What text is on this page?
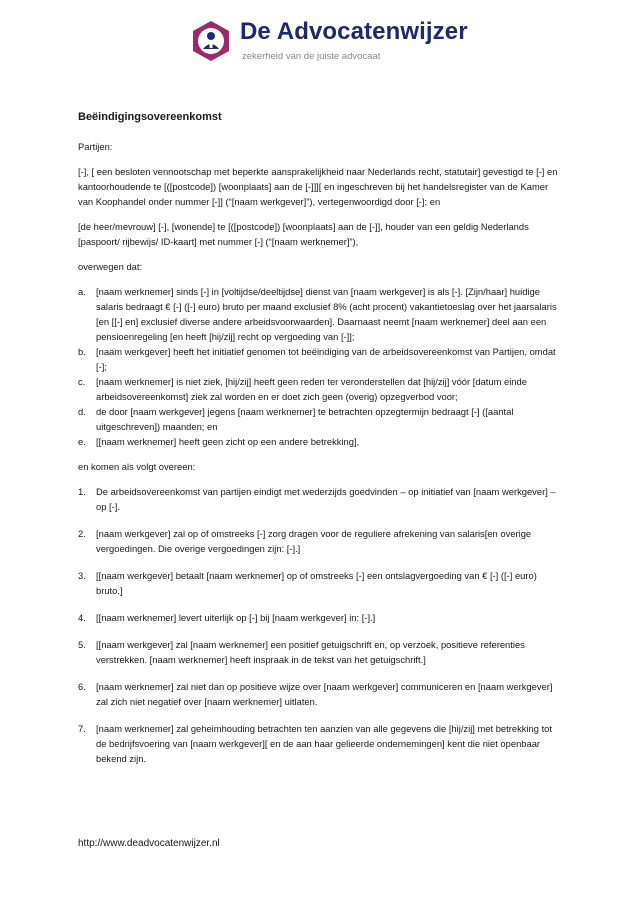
De Advocatenwijzer
zekerheid van de juiste advocaat
Beëindigingsovereenkomst
Partijen:
[-], [ een besloten vennootschap met beperkte aansprakelijkheid naar Nederlands recht, statutair] gevestigd te [-] en kantoorhoudende te [([postcode]) [woonplaats] aan de [-]]][ en ingeschreven bij het handelsregister van de Kamer van Koophandel onder nummer [-]] (“[naam werkgever]”), vertegenwoordigd door [-]; en
[de heer/mevrouw] [-], [wonende] te [([postcode]) [woonplaats] aan de [-]], houder van een geldig Nederlands [paspoort/ rijbewijs/ ID-kaart] met nummer [-] (“[naam werknemer]”),
overwegen dat:
a.	[naam werknemer] sinds [-] in [voltijdse/deeltijdse] dienst van [naam werkgever] is als [-]. [Zijn/haar] huidige salaris bedraagt € [-] ([-] euro) bruto per maand exclusief 8% (acht procent) vakantietoeslag over het jaarsalaris [en [[-] en] exclusief diverse andere arbeidsvoorwaarden]. Daarnaast neemt [naam werknemer] deel aan een pensioenregeling [en heeft [hij/zij] recht op vergoeding van [-]];
b.	[naam werkgever] heeft het initiatief genomen tot beëindiging van de arbeidsovereenkomst van Partijen, omdat [-];
c.	[naam werknemer] is niet ziek, [hij/zij] heeft geen reden ter veronderstellen dat [hij/zij] vóór [datum einde arbeidsovereenkomst] ziek zal worden en er doet zich geen (overig) opzegverbod voor;
d.	de door [naam werkgever] jegens [naam werknemer] te betrachten opzegtermijn bedraagt [-] ([aantal uitgeschreven]) maanden; en
e.	[[naam werknemer] heeft geen zicht op een andere betrekking],
en komen als volgt overeen:
1.	De arbeidsovereenkomst van partijen eindigt met wederzijds goedvinden – op initiatief van [naam werkgever] – op [-].
2.	[naam werkgever] zal op of omstreeks [-] zorg dragen voor de reguliere afrekening van salaris[en overige vergoedingen. Die overige vergoedingen zijn: [-].]
3.	[[naam werkgever] betaalt [naam werknemer] op of omstreeks [-] een ontslagvergoeding van € [-] ([-] euro) bruto.]
4.	[[naam werknemer] levert uiterlijk op [-] bij [naam werkgever] in: [-].]
5.	[[naam werkgever] zal [naam werknemer] een positief getuigschrift en, op verzoek, positieve referenties verstrekken. [naam werknemer] heeft inspraak in de tekst van het getuigschrift.]
6.	[naam werknemer] zal niet dan op positieve wijze over [naam werkgever] communiceren en [naam werkgever] zal zich niet negatief over [naam werknemer] uitlaten.
7.	[naam werknemer] zal geheimhouding betrachten ten aanzien van alle gegevens die [hij/zij] met betrekking tot de bedrijfsvoering van [naam werkgever][ en de aan haar gelieerde ondernemingen] kent die niet openbaar bekend zijn.
http://www.deadvocatenwijzer.nl
